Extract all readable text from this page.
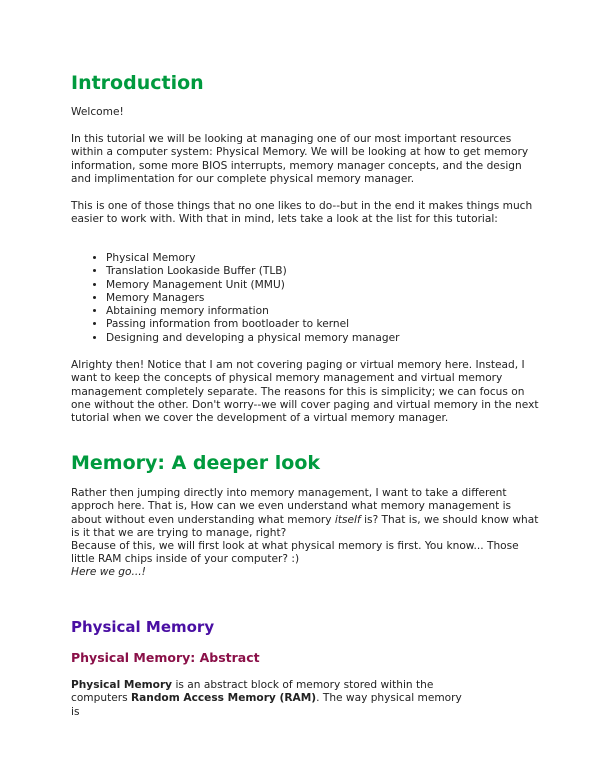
Introduction

Welcome!

In this tutorial we will be looking at managing one of our most important resources within a computer system: Physical Memory. We will be looking at how to get memory information, some more BIOS interrupts, memory manager concepts, and the design and implimentation for our complete physical memory manager.

This is one of those things that no one likes to do--but in the end it makes things much easier to work with. With that in mind, lets take a look at the list for this tutorial:

• Physical Memory
• Translation Lookaside Buffer (TLB)
• Memory Management Unit (MMU)
• Memory Managers
• Abtaining memory information
• Passing information from bootloader to kernel
• Designing and developing a physical memory manager

Alrighty then! Notice that I am not covering paging or virtual memory here. Instead, I want to keep the concepts of physical memory management and virtual memory management completely separate. The reasons for this is simplicity; we can focus on one without the other. Don't worry--we will cover paging and virtual memory in the next tutorial when we cover the development of a virtual memory manager.

Memory: A deeper look

Rather then jumping directly into memory management, I want to take a different approch here. That is, How can we even understand what memory management is about without even understanding what memory itself is? That is, we should know what is it that we are trying to manage, right?

Because of this, we will first look at what physical memory is first. You know... Those little RAM chips inside of your computer? :)

Here we go...!

Physical Memory
Physical Memory: Abstract

Physical Memory is an abstract block of memory stored within the computers Random Access Memory (RAM). The way physical memory is
